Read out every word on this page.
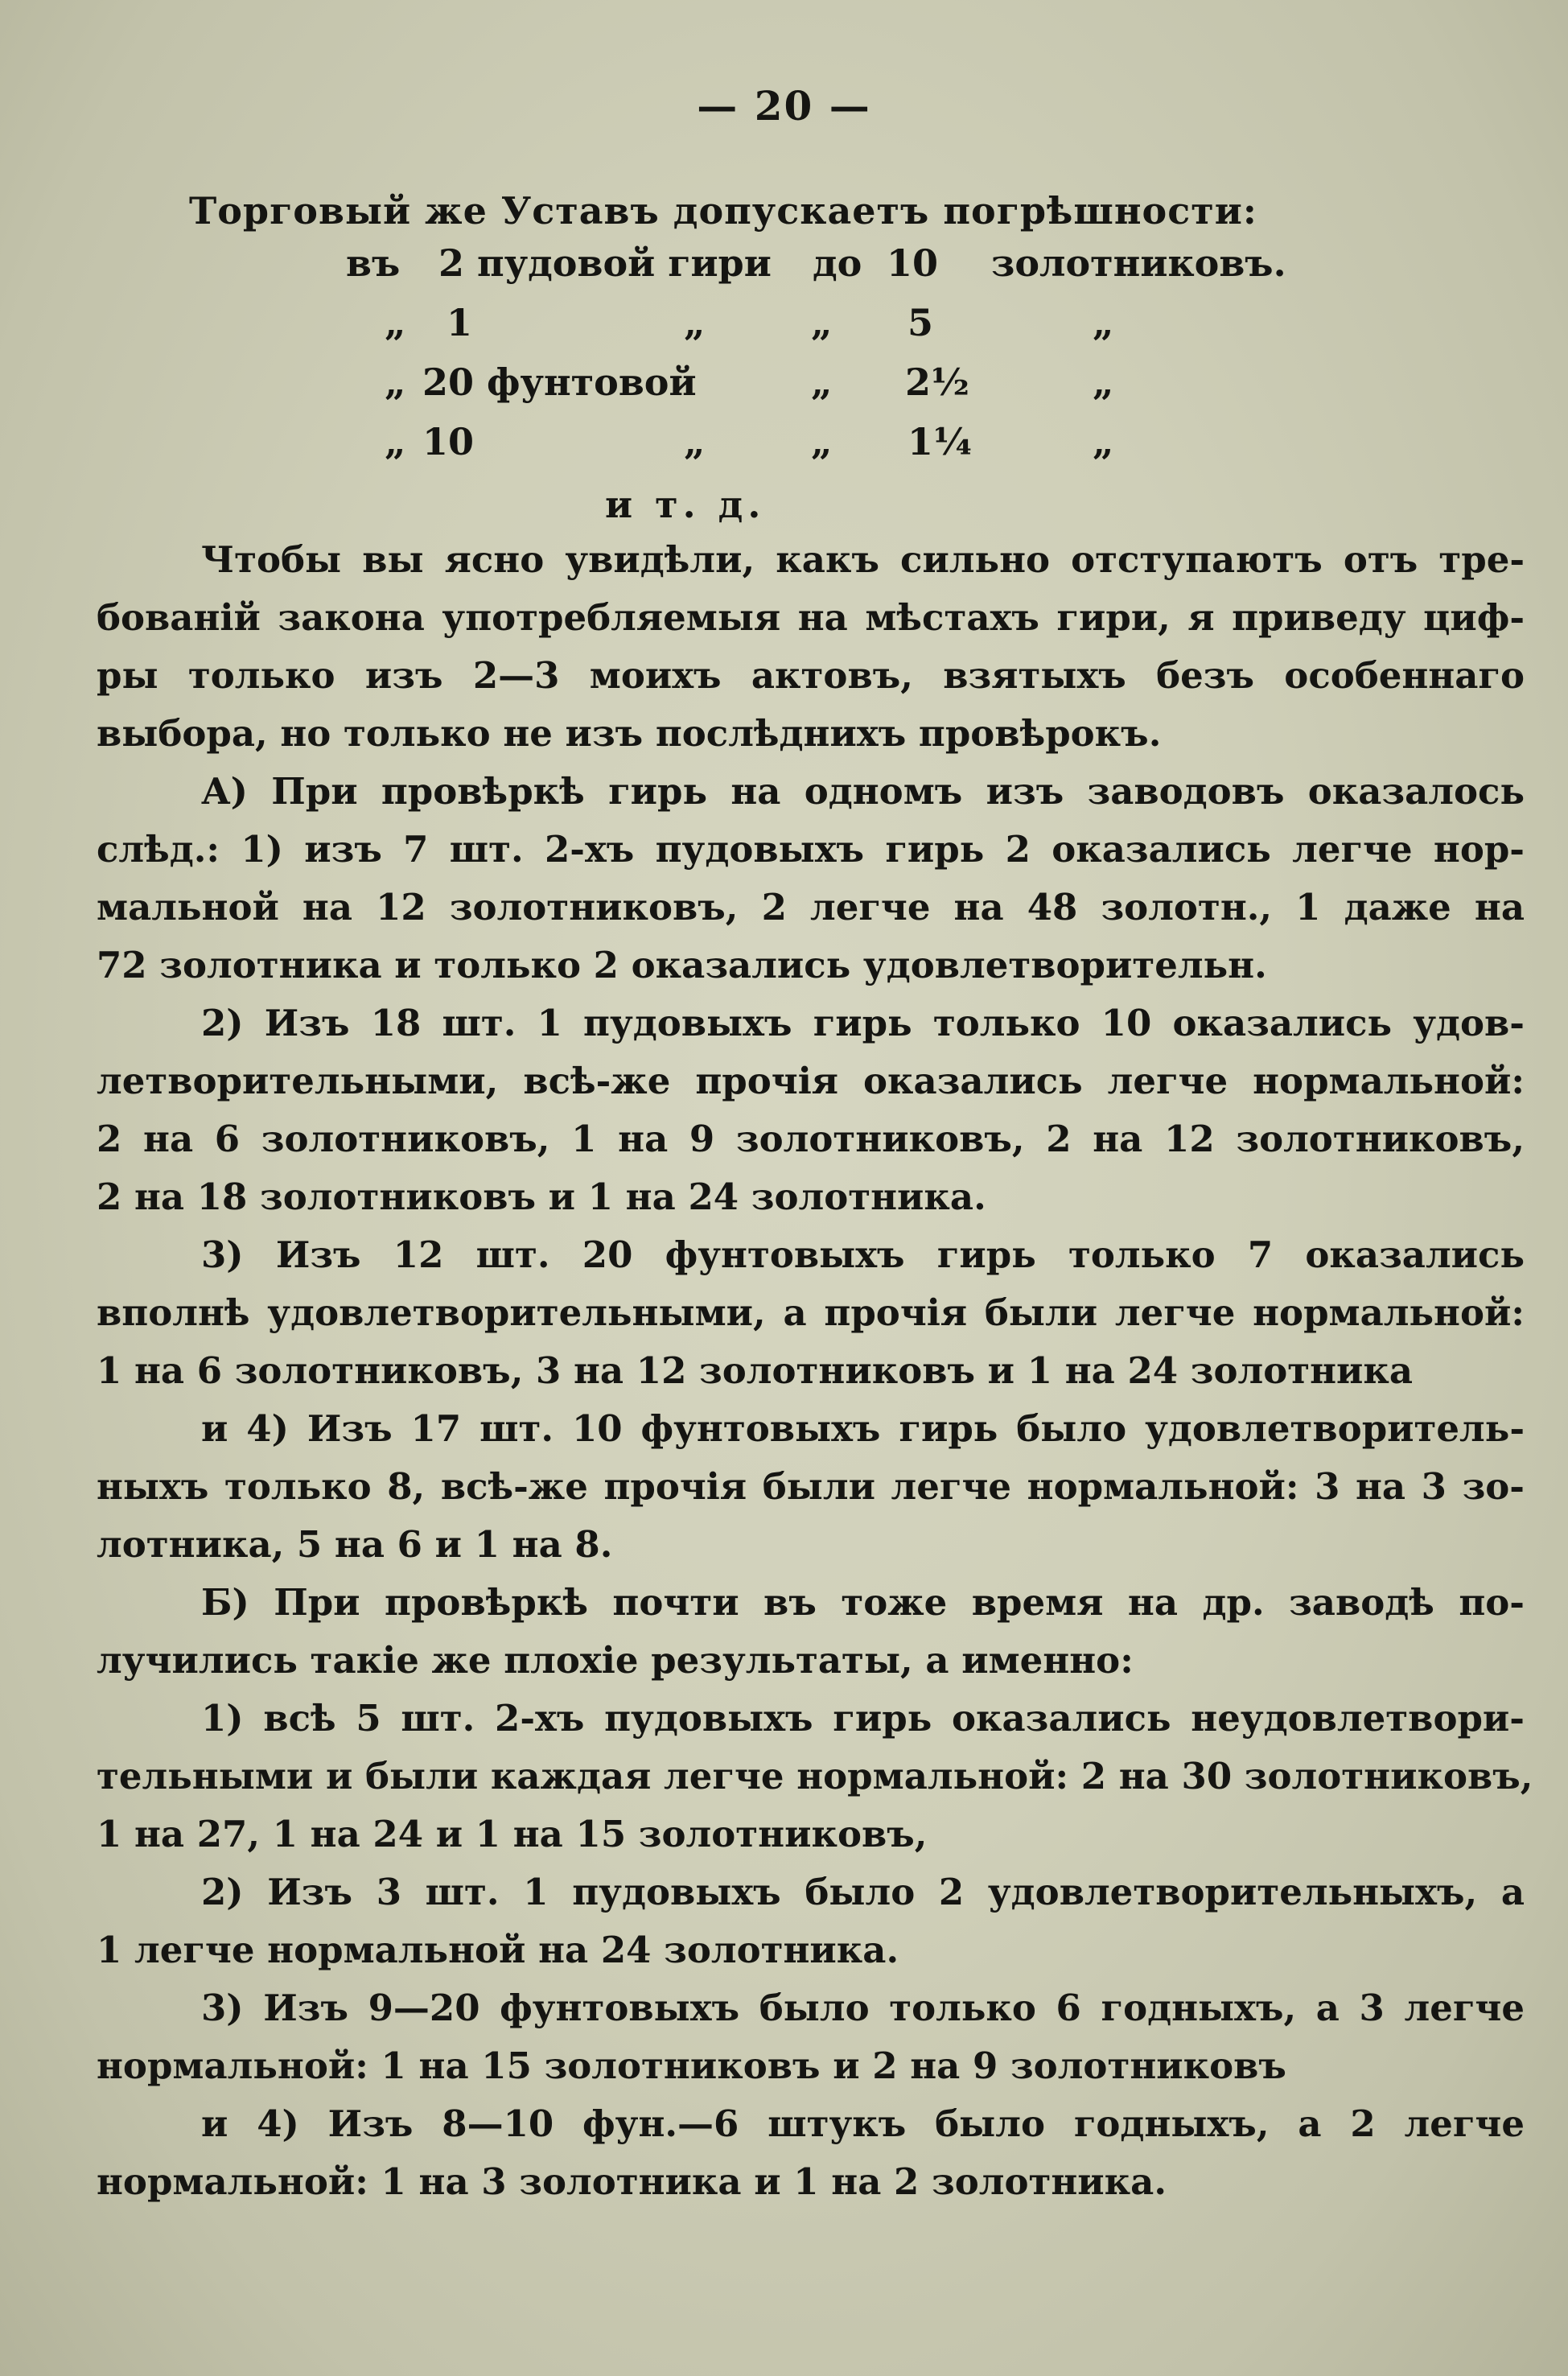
— 20 —
Торговый же Уставъ допускаетъ погрѣшности:
въ 2 пудовой гири до 10 золотниковъ.
„ 1	„	„ 5	„
„ 20 фунтовой	„ 2½	„
„ 10	„	„ 1¼	„
и т. д.
Чтобы вы ясно увидѣли, какъ сильно отступаютъ отъ тре-
бованій закона употребляемыя на мѣстахъ гири, я приведу циф-
ры только изъ 2—3 моихъ актовъ, взятыхъ безъ особеннаго
выбора, но только не изъ послѣднихъ провѣрокъ.
А) При провѣркѣ гирь на одномъ изъ заводовъ оказалось
слѣд.: 1) изъ 7 шт. 2-хъ пудовыхъ гирь 2 оказались легче нор-
мальной на 12 золотниковъ, 2 легче на 48 золотн., 1 даже на
72 золотника и только 2 оказались удовлетворительн.
2) Изъ 18 шт. 1 пудовыхъ гирь только 10 оказались удов-
летворительными, всѣ-же прочія оказались легче нормальной:
2 на 6 золотниковъ, 1 на 9 золотниковъ, 2 на 12 золотниковъ,
2 на 18 золотниковъ и 1 на 24 золотника.
3) Изъ 12 шт. 20 фунтовыхъ гирь только 7 оказались
вполнѣ удовлетворительными, а прочія были легче нормальной:
1 на 6 золотниковъ, 3 на 12 золотниковъ и 1 на 24 золотника
и 4) Изъ 17 шт. 10 фунтовыхъ гирь было удовлетворитель-
ныхъ только 8, всѣ-же прочія были легче нормальной: 3 на 3 зо-
лотника, 5 на 6 и 1 на 8.
Б) При провѣркѣ почти въ тоже время на др. заводѣ по-
лучились такіе же плохіе результаты, а именно:
1) всѣ 5 шт. 2-хъ пудовыхъ гирь оказались неудовлетвори-
тельными и были каждая легче нормальной: 2 на 30 золотниковъ,
1 на 27, 1 на 24 и 1 на 15 золотниковъ,
2) Изъ 3 шт. 1 пудовыхъ было 2 удовлетворительныхъ, а
1 легче нормальной на 24 золотника.
3) Изъ 9—20 фунтовыхъ было только 6 годныхъ, а 3 легче
нормальной: 1 на 15 золотниковъ и 2 на 9 золотниковъ
и 4) Изъ 8—10 фун.—6 штукъ было годныхъ, а 2 легче
нормальной: 1 на 3 золотника и 1 на 2 золотника.
